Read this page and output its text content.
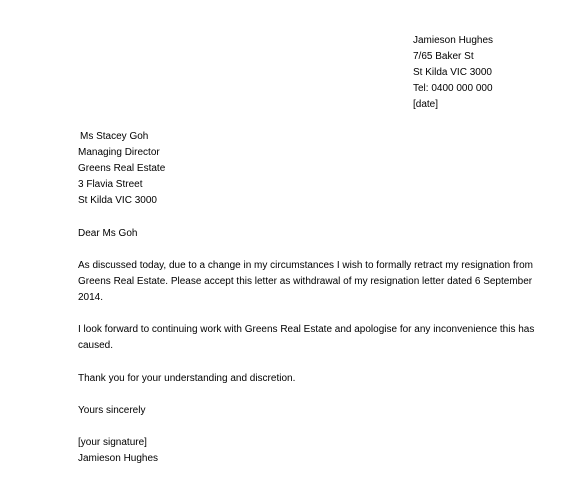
Jamieson Hughes
7/65 Baker St
St Kilda VIC 3000
Tel: 0400 000 000
[date]
Ms Stacey Goh
Managing Director
Greens Real Estate
3 Flavia Street
St Kilda VIC 3000
Dear Ms Goh
As discussed today, due to a change in my circumstances I wish to formally retract my resignation from
Greens Real Estate. Please accept this letter as withdrawal of my resignation letter dated 6 September
2014.
I look forward to continuing work with Greens Real Estate and apologise for any inconvenience this has
caused.
Thank you for your understanding and discretion.
Yours sincerely
[your signature]
Jamieson Hughes
